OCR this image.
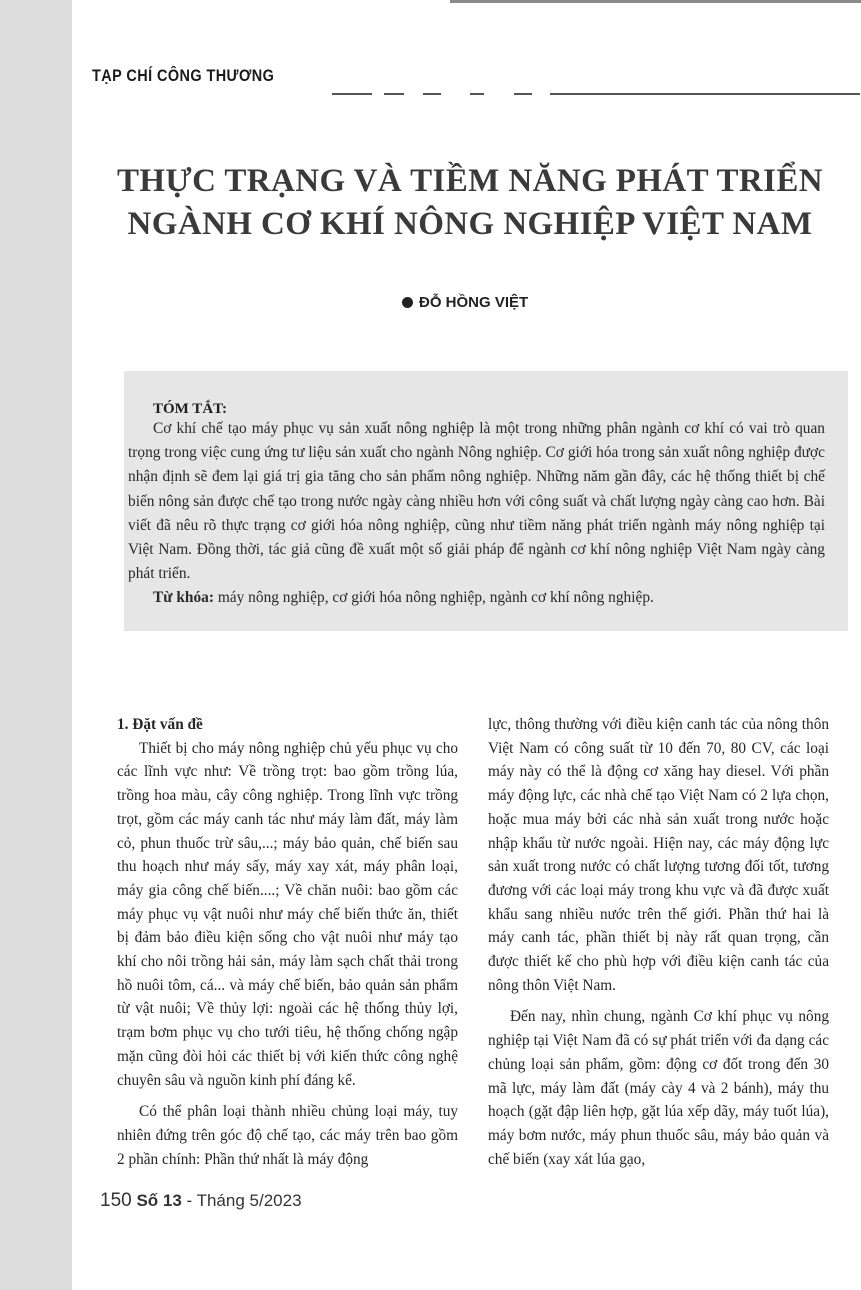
TẠP CHÍ CÔNG THƯƠNG
THỰC TRẠNG VÀ TIỀM NĂNG PHÁT TRIỂN
NGÀNH CƠ KHÍ NÔNG NGHIỆP VIỆT NAM
ĐỖ HỒNG VIỆT
TÓM TẮT:

Cơ khí chế tạo máy phục vụ sản xuất nông nghiệp là một trong những phân ngành cơ khí có vai trò quan trọng trong việc cung ứng tư liệu sản xuất cho ngành Nông nghiệp. Cơ giới hóa trong sản xuất nông nghiệp được nhận định sẽ đem lại giá trị gia tăng cho sản phẩm nông nghiệp. Những năm gần đây, các hệ thống thiết bị chế biến nông sản được chế tạo trong nước ngày càng nhiều hơn với công suất và chất lượng ngày càng cao hơn. Bài viết đã nêu rõ thực trạng cơ giới hóa nông nghiệp, cũng như tiềm năng phát triển ngành máy nông nghiệp tại Việt Nam. Đồng thời, tác giả cũng đề xuất một số giải pháp để ngành cơ khí nông nghiệp Việt Nam ngày càng phát triển.

Từ khóa: máy nông nghiệp, cơ giới hóa nông nghiệp, ngành cơ khí nông nghiệp.

1. Đặt vấn đề

Thiết bị cho máy nông nghiệp chủ yếu phục vụ cho các lĩnh vực như: Về trồng trọt: bao gồm trồng lúa, trồng hoa màu, cây công nghiệp. Trong lĩnh vực trồng trọt, gồm các máy canh tác như máy làm đất, máy làm cỏ, phun thuốc trừ sâu,...; máy bảo quản, chế biến sau thu hoạch như máy sấy, máy xay xát, máy phân loại, máy gia công chế biến....; Về chăn nuôi: bao gồm các máy phục vụ vật nuôi như máy chế biến thức ăn, thiết bị đảm bảo điều kiện sống cho vật nuôi như máy tạo khí cho nôi trồng hải sản, máy làm sạch chất thải trong hồ nuôi tôm, cá... và máy chế biến, bảo quản sản phẩm từ vật nuôi; Về thủy lợi: ngoài các hệ thống thủy lợi, trạm bơm phục vụ cho tưới tiêu, hệ thống chống ngập mặn cũng đòi hỏi các thiết bị với kiến thức công nghệ chuyên sâu và nguồn kinh phí đáng kể.

Có thể phân loại thành nhiều chủng loại máy, tuy nhiên đứng trên góc độ chế tạo, các máy trên bao gồm 2 phần chính: Phần thứ nhất là máy động

lực, thông thường với điều kiện canh tác của nông thôn Việt Nam có công suất từ 10 đến 70, 80 CV, các loại máy này có thể là động cơ xăng hay diesel. Với phần máy động lực, các nhà chế tạo Việt Nam có 2 lựa chọn, hoặc mua máy bởi các nhà sản xuất trong nước hoặc nhập khẩu từ nước ngoài. Hiện nay, các máy động lực sản xuất trong nước có chất lượng tương đối tốt, tương đương với các loại máy trong khu vực và đã được xuất khẩu sang nhiều nước trên thế giới. Phần thứ hai là máy canh tác, phần thiết bị này rất quan trọng, cần được thiết kế cho phù hợp với điều kiện canh tác của nông thôn Việt Nam.

Đến nay, nhìn chung, ngành Cơ khí phục vụ nông nghiệp tại Việt Nam đã có sự phát triển với đa dạng các chủng loại sản phẩm, gồm: động cơ đốt trong đến 30 mã lực, máy làm đất (máy cày 4 và 2 bánh), máy thu hoạch (gặt đập liên hợp, gặt lúa xếp dãy, máy tuốt lúa), máy bơm nước, máy phun thuốc sâu, máy bảo quản và chế biến (xay xát lúa gạo,

150 Số 13 - Tháng 5/2023
